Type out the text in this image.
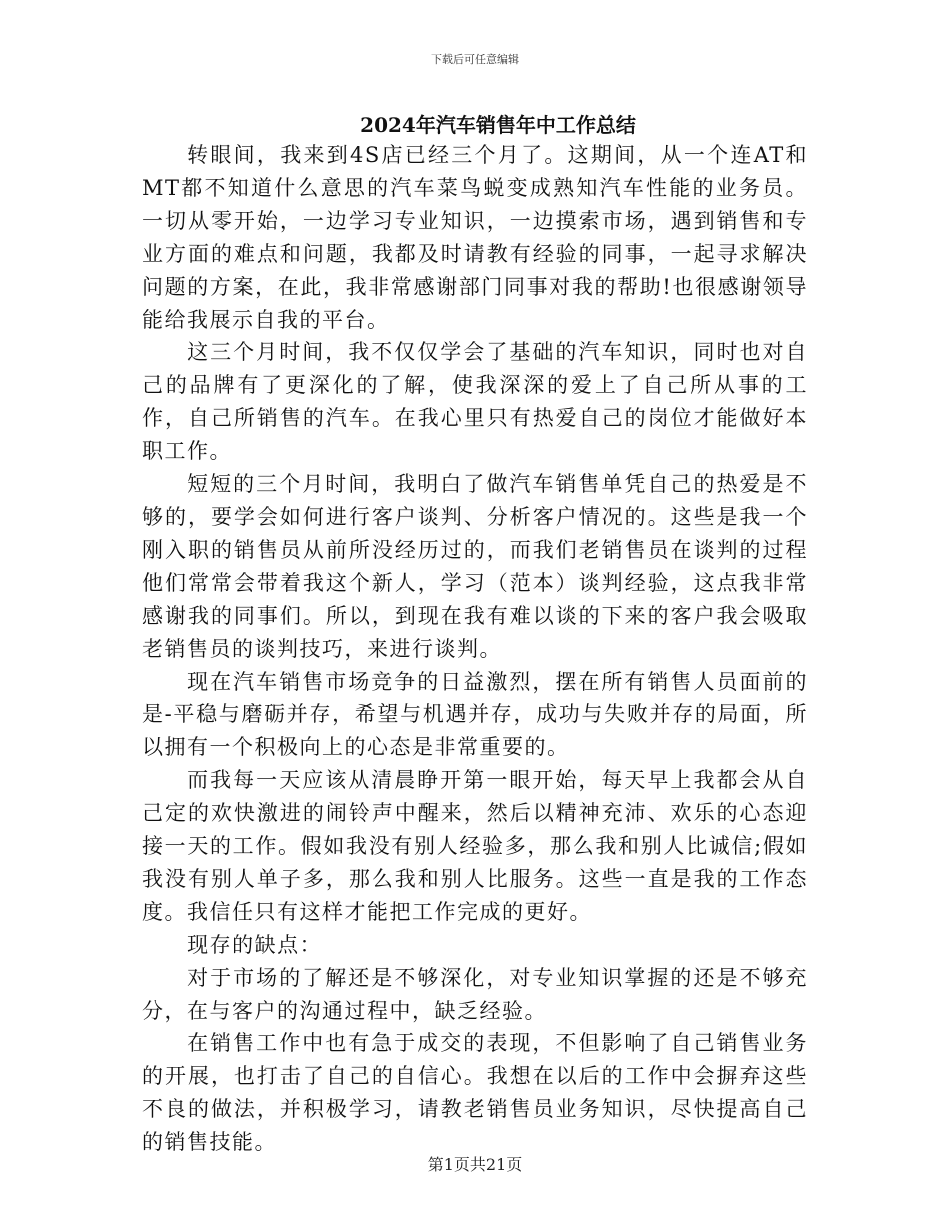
下载后可任意编辑
2024年汽车销售年中工作总结

转眼间，我来到4S店已经三个月了。这期间，从一个连AT和MT都不知道什么意思的汽车菜鸟蜕变成熟知汽车性能的业务员。一切从零开始，一边学习专业知识，一边摸索市场，遇到销售和专业方面的难点和问题，我都及时请教有经验的同事，一起寻求解决问题的方案，在此，我非常感谢部门同事对我的帮助!也很感谢领导能给我展示自我的平台。

这三个月时间，我不仅仅学会了基础的汽车知识，同时也对自己的品牌有了更深化的了解，使我深深的爱上了自己所从事的工作，自己所销售的汽车。在我心里只有热爱自己的岗位才能做好本职工作。

短短的三个月时间，我明白了做汽车销售单凭自己的热爱是不够的，要学会如何进行客户谈判、分析客户情况的。这些是我一个刚入职的销售员从前所没经历过的，而我们老销售员在谈判的过程他们常常会带着我这个新人，学习（范本）谈判经验，这点我非常感谢我的同事们。所以，到现在我有难以谈的下来的客户我会吸取老销售员的谈判技巧，来进行谈判。

现在汽车销售市场竞争的日益激烈，摆在所有销售人员面前的是-平稳与磨砺并存，希望与机遇并存，成功与失败并存的局面，所以拥有一个积极向上的心态是非常重要的。

而我每一天应该从清晨睁开第一眼开始，每天早上我都会从自己定的欢快激进的闹铃声中醒来，然后以精神充沛、欢乐的心态迎接一天的工作。假如我没有别人经验多，那么我和别人比诚信;假如我没有别人单子多，那么我和别人比服务。这些一直是我的工作态度。我信任只有这样才能把工作完成的更好。

现存的缺点：

对于市场的了解还是不够深化，对专业知识掌握的还是不够充分，在与客户的沟通过程中，缺乏经验。

在销售工作中也有急于成交的表现，不但影响了自己销售业务的开展，也打击了自己的自信心。我想在以后的工作中会摒弃这些不良的做法，并积极学习，请教老销售员业务知识，尽快提高自己的销售技能。

第1页共21页
